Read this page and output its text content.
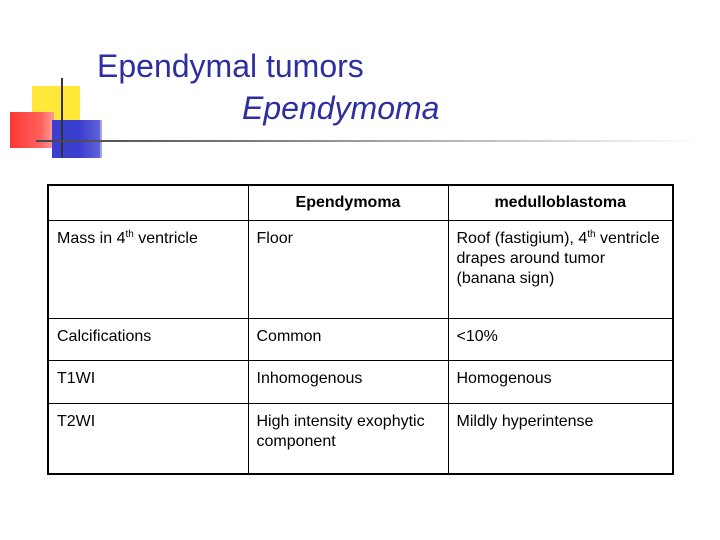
Ependymal tumors
Ependymoma
	Ependymoma	medulloblastoma
Mass in 4th ventricle	Floor	Roof (fastigium), 4th ventricle drapes around tumor (banana sign)
Calcifications	Common	<10%
T1WI	Inhomogenous	Homogenous
T2WI	High intensity exophytic component	Mildly hyperintense
